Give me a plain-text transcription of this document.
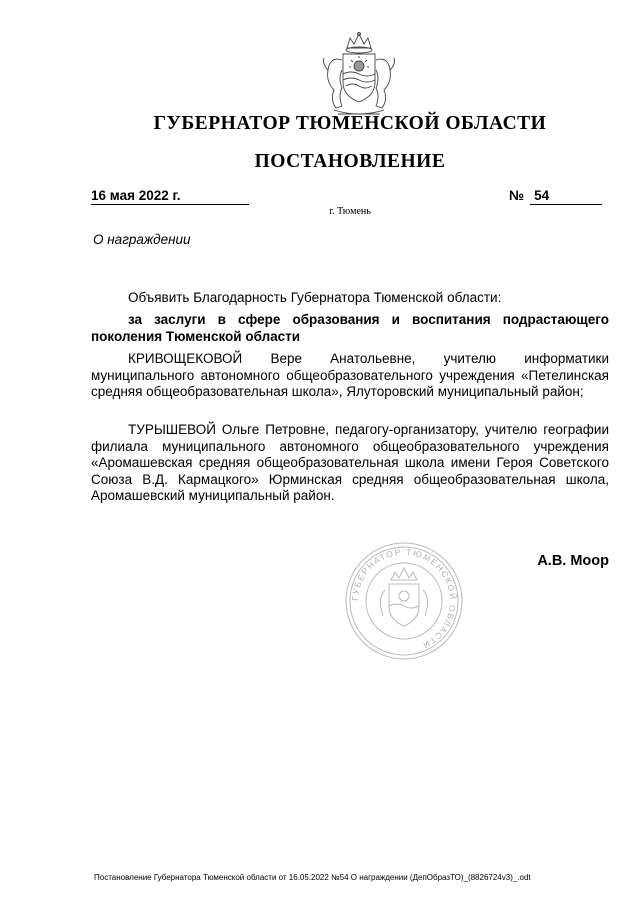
ГУБЕРНАТОР ТЮМЕНСКОЙ ОБЛАСТИ
ПОСТАНОВЛЕНИЕ
16 мая 2022 г.	№ 54
г. Тюмень
О награждении
Объявить Благодарность Губернатора Тюменской области:
за заслуги в сфере образования и воспитания подрастающего поколения Тюменской области
КРИВОЩЕКОВОЙ Вере Анатольевне, учителю информатики муниципального автономного общеобразовательного учреждения «Петелинская средняя общеобразовательная школа», Ялуторовский муниципальный район;
ТУРЫШЕВОЙ Ольге Петровне, педагогу-организатору, учителю географии филиала муниципального автономного общеобразовательного учреждения «Аромашевская средняя общеобразовательная школа имени Героя Советского Союза В.Д. Кармацкого» Юрминская средняя общеобразовательная школа, Аромашевский муниципальный район.
ГУБЕРНАТОР ТЮМЕНСКОЙ ОБЛАСТИ
А.В. Моор
Постановление Губернатора Тюменской области от 16.05.2022 №54 О награждении (ДепОбразТО)_(8826724v3)_.odt
